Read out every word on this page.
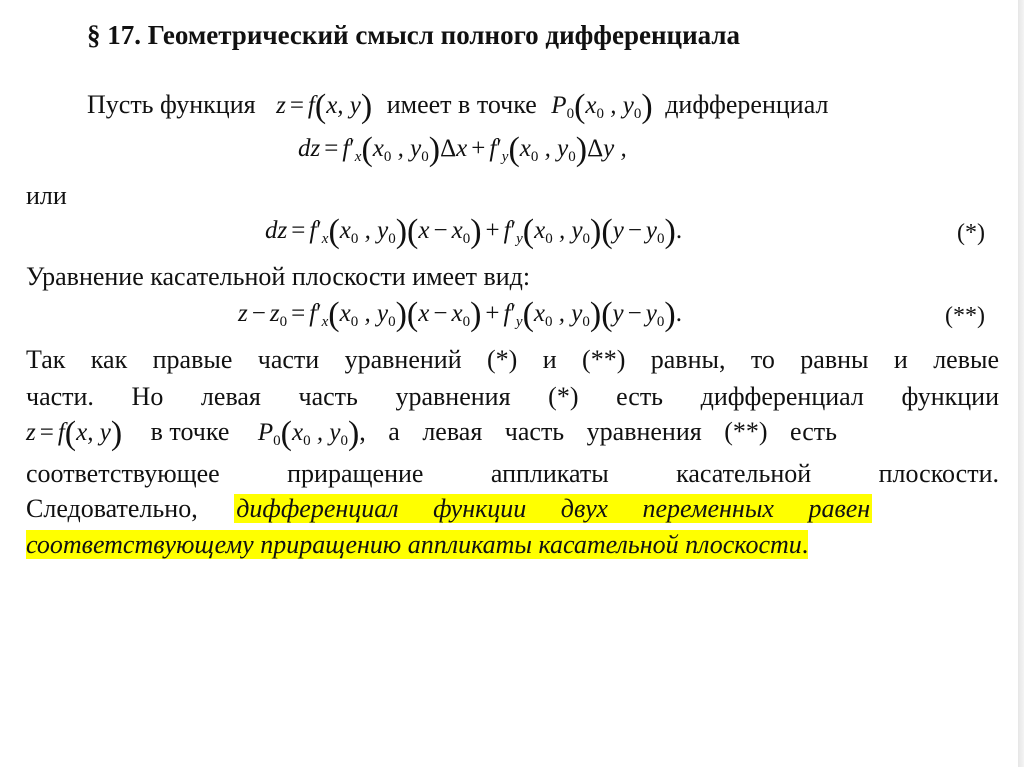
§ 17. Геометрический смысл полного дифференциала
Пусть функция z = f(x, y) имеет в точке $P_0(x_0$ , $y_0$) дифференциал
dz = $f'_x(x_0$ , $y_0)\Delta x + f'_y(x_0$ , $y_0)\Delta y$ ,
или
dz = $f'_x(x_0$ , $y_0)(x - x_0) + f'_y(x_0$ , $y_0)(y - y_0)$.	(*)
Уравнение касательной плоскости имеет вид:
$z - z_0 = f'_x(x_0$ , $y_0)(x - x_0) + f'_y(x_0$ , $y_0)(y - y_0)$.	(**)
Так как правые части уравнений (*) и (**) равны, то равны и левые
части. Но левая часть уравнения (*) есть дифференциал функции
z = f(x, y) в точке $P_0(x_0$ , $y_0$), а левая часть уравнения (**) есть
соответствующее приращение аппликаты касательной плоскости.
Следовательно, дифференциал функции двух переменных равен
соответствующему приращению аппликаты касательной плоскости.
